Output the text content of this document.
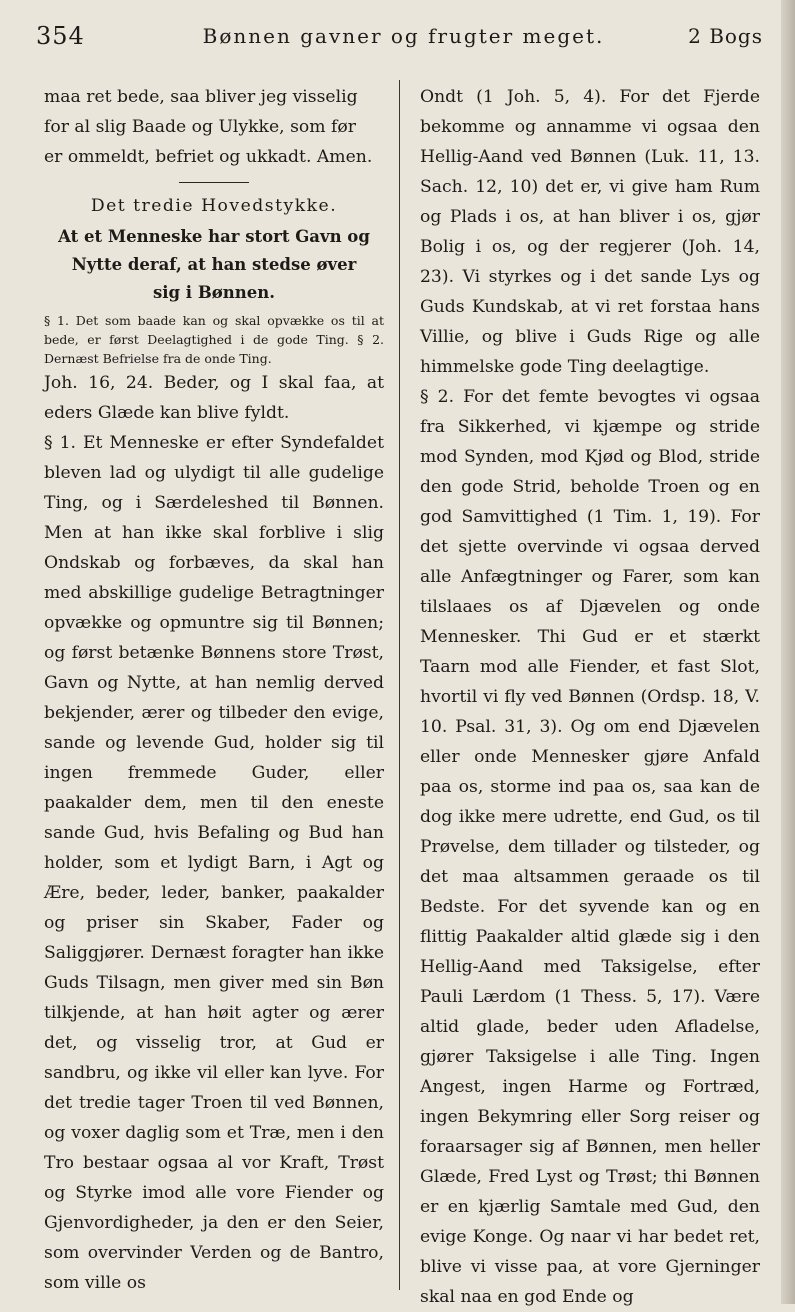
354	Bønnen gavner og frugter meget.	2 Bogs

maa ret bede, saa bliver jeg visselig

for al slig Baade og Ulykke, som før

er ommeldt, befriet og ukkadt. Amen.

Det tredie Hovedstykke.

At et Menneske har stort Gavn og
Nytte deraf, at han stedse øver
sig i Bønnen.

§ 1. Det som baade kan og skal opvække os til at bede, er først Deelagtighed i de gode Ting. § 2. Dernæst Befrielse fra de onde Ting.

Joh. 16, 24. Beder, og I skal faa, at eders Glæde kan blive fyldt.

§ 1. Et Menneske er efter Syndefaldet bleven lad og ulydigt til alle gudelige Ting, og i Særdeleshed til Bønnen. Men at han ikke skal forblive i slig Ondskab og forbæves, da skal han med abskillige gudelige Betragtninger opvække og opmuntre sig til Bønnen; og først betænke Bønnens store Trøst, Gavn og Nytte, at han nemlig derved bekjender, ærer og tilbeder den evige, sande og levende Gud, holder sig til ingen fremmede Guder, eller paakalder dem, men til den eneste sande Gud, hvis Befaling og Bud han holder, som et lydigt Barn, i Agt og Ære, beder, leder, banker, paakalder og priser sin Skaber, Fader og Saliggjører. Dernæst foragter han ikke Guds Tilsagn, men giver med sin Bøn tilkjende, at han høit agter og ærer det, og visselig tror, at Gud er sandbru, og ikke vil eller kan lyve. For det tredie tager Troen til ved Bønnen, og voxer daglig som et Træ, men i den Tro bestaar ogsaa al vor Kraft, Trøst og Styrke imod alle vore Fiender og Gjenvordigheder, ja den er den Seier, som overvinder Verden og de Bantro, som ville os

Ondt (1 Joh. 5, 4). For det Fjerde bekomme og annamme vi ogsaa den Hellig-Aand ved Bønnen (Luk. 11, 13. Sach. 12, 10) det er, vi give ham Rum og Plads i os, at han bliver i os, gjør Bolig i os, og der regjerer (Joh. 14, 23). Vi styrkes og i det sande Lys og Guds Kundskab, at vi ret forstaa hans Villie, og blive i Guds Rige og alle himmelske gode Ting deelagtige.

§ 2. For det femte bevogtes vi ogsaa fra Sikkerhed, vi kjæmpe og stride mod Synden, mod Kjød og Blod, stride den gode Strid, beholde Troen og en god Samvittighed (1 Tim. 1, 19). For det sjette overvinde vi ogsaa derved alle Anfægtninger og Farer, som kan tilslaaes os af Djævelen og onde Mennesker. Thi Gud er et stærkt Taarn mod alle Fiender, et fast Slot, hvortil vi fly ved Bønnen (Ordsp. 18, V. 10. Psal. 31, 3). Og om end Djævelen eller onde Mennesker gjøre Anfald paa os, storme ind paa os, saa kan de dog ikke mere udrette, end Gud, os til Prøvelse, dem tillader og tilsteder, og det maa altsammen geraade os til Bedste. For det syvende kan og en flittig Paakalder altid glæde sig i den Hellig-Aand med Taksigelse, efter Pauli Lærdom (1 Thess. 5, 17). Være altid glade, beder uden Afladelse, gjører Taksigelse i alle Ting. Ingen Angest, ingen Harme og Fortræd, ingen Bekymring eller Sorg reiser og foraarsager sig af Bønnen, men heller Glæde, Fred Lyst og Trøst; thi Bønnen er en kjærlig Samtale med Gud, den evige Konge. Og naar vi har bedet ret, blive vi visse paa, at vore Gjerninger skal naa en god Ende og
